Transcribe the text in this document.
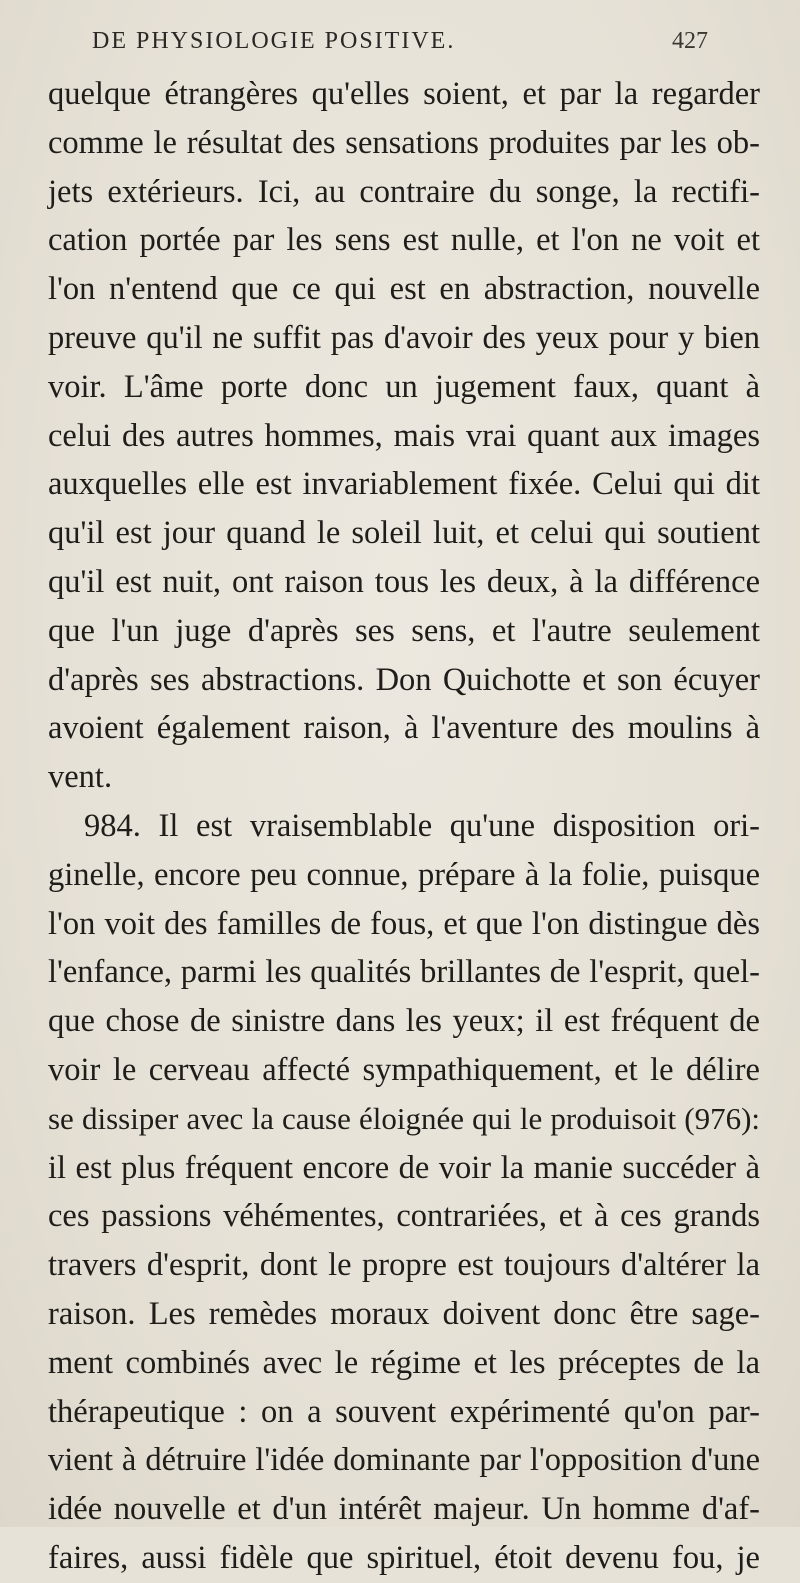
DE PHYSIOLOGIE POSITIVE.	427
quelque étrangères qu'elles soient, et par la regarder
comme le résultat des sensations produites par les ob-
jets extérieurs. Ici, au contraire du songe, la rectifi-
cation portée par les sens est nulle, et l'on ne voit et
l'on n'entend que ce qui est en abstraction, nouvelle
preuve qu'il ne suffit pas d'avoir des yeux pour y bien
voir. L'âme porte donc un jugement faux, quant à
celui des autres hommes, mais vrai quant aux images
auxquelles elle est invariablement fixée. Celui qui dit
qu'il est jour quand le soleil luit, et celui qui soutient
qu'il est nuit, ont raison tous les deux, à la différence
que l'un juge d'après ses sens, et l'autre seulement
d'après ses abstractions. Don Quichotte et son écuyer
avoient également raison, à l'aventure des moulins à
vent.
984. Il est vraisemblable qu'une disposition ori-
ginelle, encore peu connue, prépare à la folie, puisque
l'on voit des familles de fous, et que l'on distingue dès
l'enfance, parmi les qualités brillantes de l'esprit, quel-
que chose de sinistre dans les yeux; il est fréquent de
voir le cerveau affecté sympathiquement, et le délire
se dissiper avec la cause éloignée qui le produisoit (976):
il est plus fréquent encore de voir la manie succéder à
ces passions véhémentes, contrariées, et à ces grands
travers d'esprit, dont le propre est toujours d'altérer la
raison. Les remèdes moraux doivent donc être sage-
ment combinés avec le régime et les préceptes de la
thérapeutique : on a souvent expérimenté qu'on par-
vient à détruire l'idée dominante par l'opposition d'une
idée nouvelle et d'un intérêt majeur. Un homme d'af-
faires, aussi fidèle que spirituel, étoit devenu fou, je
